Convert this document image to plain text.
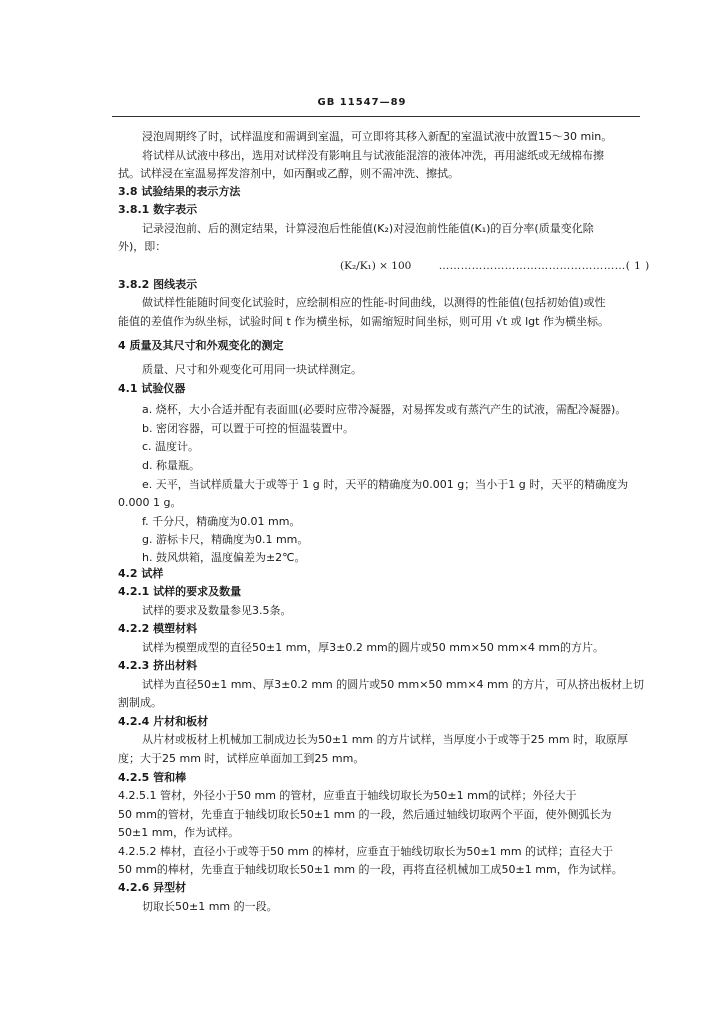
GB 11547—89
浸泡周期终了时，试样温度和需调到室温，可立即将其移入新配的室温试液中放置15～30 min。
将试样从试液中移出，选用对试样没有影响且与试液能混溶的液体冲洗，再用滤纸或无绒棉布擦
拭。试样浸在室温易挥发溶剂中，如丙酮或乙醇，则不需冲洗、擦拭。
3.8 试验结果的表示方法
3.8.1 数字表示
记录浸泡前、后的测定结果，计算浸泡后性能值(K₂)对浸泡前性能值(K₁)的百分率(质量变化除
外)，即：
(K₂/K₁) × 100	……………………………………………( 1 )
3.8.2 图线表示
做试样性能随时间变化试验时，应绘制相应的性能-时间曲线，以测得的性能值(包括初始值)或性
能值的差值作为纵坐标，试验时间 t 作为横坐标，如需缩短时间坐标，则可用 √t 或 lgt 作为横坐标。
4 质量及其尺寸和外观变化的测定
质量、尺寸和外观变化可用同一块试样测定。
4.1 试验仪器
a. 烧杯，大小合适并配有表面皿(必要时应带冷凝器，对易挥发或有蒸汽产生的试液，需配冷凝器)。
b. 密闭容器，可以置于可控的恒温装置中。
c. 温度计。
d. 称量瓶。
e. 天平，当试样质量大于或等于 1 g 时，天平的精确度为0.001 g；当小于1 g 时，天平的精确度为
0.000 1 g。
f. 千分尺，精确度为0.01 mm。
g. 游标卡尺，精确度为0.1 mm。
h. 鼓风烘箱，温度偏差为±2℃。
4.2 试样
4.2.1 试样的要求及数量
试样的要求及数量参见3.5条。
4.2.2 模塑材料
试样为模塑成型的直径50±1 mm，厚3±0.2 mm的圆片或50 mm×50 mm×4 mm的方片。
4.2.3 挤出材料
试样为直径50±1 mm、厚3±0.2 mm 的圆片或50 mm×50 mm×4 mm 的方片，可从挤出板材上切
割制成。
4.2.4 片材和板材
从片材或板材上机械加工制成边长为50±1 mm 的方片试样，当厚度小于或等于25 mm 时，取原厚
度；大于25 mm 时，试样应单面加工到25 mm。
4.2.5 管和棒
4.2.5.1 管材，外径小于50 mm 的管材，应垂直于轴线切取长为50±1 mm的试样；外径大于
50 mm的管材，先垂直于轴线切取长50±1 mm 的一段，然后通过轴线切取两个平面，使外侧弧长为
50±1 mm，作为试样。
4.2.5.2 棒材，直径小于或等于50 mm 的棒材，应垂直于轴线切取长为50±1 mm 的试样；直径大于
50 mm的棒材，先垂直于轴线切取长50±1 mm 的一段，再将直径机械加工成50±1 mm，作为试样。
4.2.6 异型材
切取长50±1 mm 的一段。
